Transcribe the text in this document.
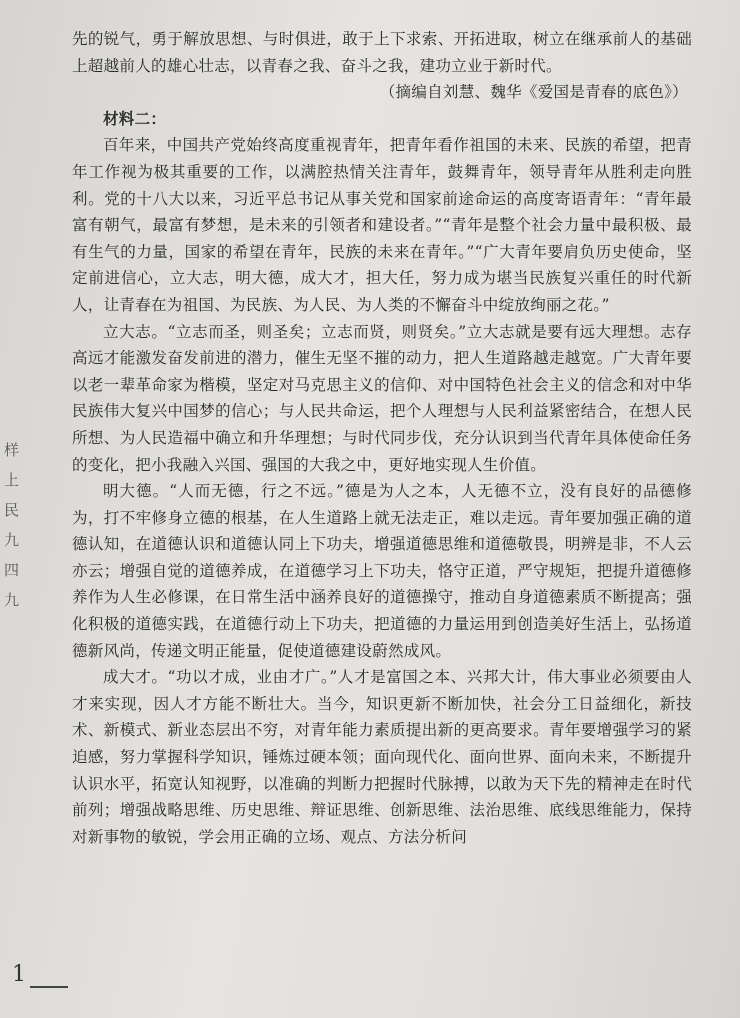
先的锐气，勇于解放思想、与时俱进，敢于上下求索、开拓进取，树立在继承前人的基础上超越前人的雄心壮志，以青春之我、奋斗之我，建功立业于新时代。

（摘编自刘慧、魏华《爱国是青春的底色》）

材料二：

百年来，中国共产党始终高度重视青年，把青年看作祖国的未来、民族的希望，把青年工作视为极其重要的工作，以满腔热情关注青年，鼓舞青年，领导青年从胜利走向胜利。党的十八大以来，习近平总书记从事关党和国家前途命运的高度寄语青年：“青年最富有朝气，最富有梦想，是未来的引领者和建设者。”“青年是整个社会力量中最积极、最有生气的力量，国家的希望在青年，民族的未来在青年。”“广大青年要肩负历史使命，坚定前进信心，立大志，明大德，成大才，担大任，努力成为堪当民族复兴重任的时代新人，让青春在为祖国、为民族、为人民、为人类的不懈奋斗中绽放绚丽之花。”

立大志。“立志而圣，则圣矣；立志而贤，则贤矣。”立大志就是要有远大理想。志存高远才能激发奋发前进的潜力，催生无坚不摧的动力，把人生道路越走越宽。广大青年要以老一辈革命家为楷模，坚定对马克思主义的信仰、对中国特色社会主义的信念和对中华民族伟大复兴中国梦的信心；与人民共命运，把个人理想与人民利益紧密结合，在想人民所想、为人民造福中确立和升华理想；与时代同步伐，充分认识到当代青年具体使命任务的变化，把小我融入兴国、强国的大我之中，更好地实现人生价值。

明大德。“人而无德，行之不远。”德是为人之本，人无德不立，没有良好的品德修为，打不牢修身立德的根基，在人生道路上就无法走正，难以走远。青年要加强正确的道德认知，在道德认识和道德认同上下功夫，增强道德思维和道德敬畏，明辨是非，不人云亦云；增强自觉的道德养成，在道德学习上下功夫，恪守正道，严守规矩，把提升道德修养作为人生必修课，在日常生活中涵养良好的道德操守，推动自身道德素质不断提高；强化积极的道德实践，在道德行动上下功夫，把道德的力量运用到创造美好生活上，弘扬道德新风尚，传递文明正能量，促使道德建设蔚然成风。

成大才。“功以才成，业由才广。”人才是富国之本、兴邦大计，伟大事业必须要由人才来实现，因人才方能不断壮大。当今，知识更新不断加快，社会分工日益细化，新技术、新模式、新业态层出不穷，对青年能力素质提出新的更高要求。青年要增强学习的紧迫感，努力掌握科学知识，锤炼过硬本领；面向现代化、面向世界、面向未来，不断提升认识水平，拓宽认知视野，以准确的判断力把握时代脉搏，以敢为天下先的精神走在时代前列；增强战略思维、历史思维、辩证思维、创新思维、法治思维、底线思维能力，保持对新事物的敏锐，学会用正确的立场、观点、方法分析问

样
上
民
九
四
九
1
